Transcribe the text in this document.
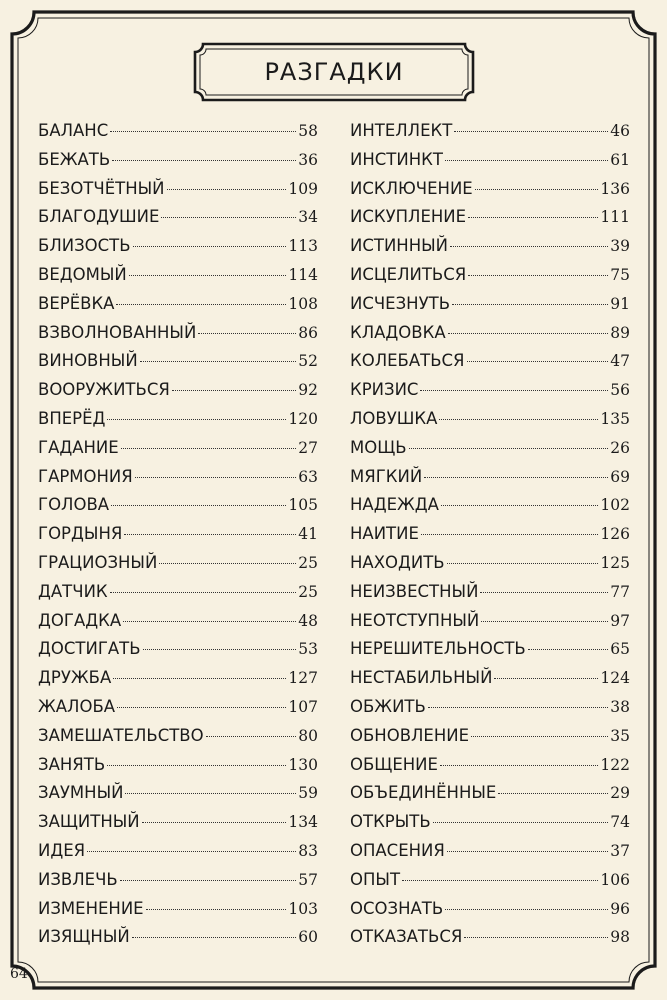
РАЗГАДКИ
БАЛАНС	58
БЕЖАТЬ	36
БЕЗОТЧЁТНЫЙ	109
БЛАГОДУШИЕ	34
БЛИЗОСТЬ	113
ВЕДОМЫЙ	114
ВЕРЁВКА	108
ВЗВОЛНОВАННЫЙ	86
ВИНОВНЫЙ	52
ВООРУЖИТЬСЯ	92
ВПЕРЁД	120
ГАДАНИЕ	27
ГАРМОНИЯ	63
ГОЛОВА	105
ГОРДЫНЯ	41
ГРАЦИОЗНЫЙ	25
ДАТЧИК	25
ДОГАДКА	48
ДОСТИГАТЬ	53
ДРУЖБА	127
ЖАЛОБА	107
ЗАМЕШАТЕЛЬСТВО	80
ЗАНЯТЬ	130
ЗАУМНЫЙ	59
ЗАЩИТНЫЙ	134
ИДЕЯ	83
ИЗВЛЕЧЬ	57
ИЗМЕНЕНИЕ	103
ИЗЯЩНЫЙ	60
ИНТЕЛЛЕКТ	46
ИНСТИНКТ	61
ИСКЛЮЧЕНИЕ	136
ИСКУПЛЕНИЕ	111
ИСТИННЫЙ	39
ИСЦЕЛИТЬСЯ	75
ИСЧЕЗНУТЬ	91
КЛАДОВКА	89
КОЛЕБАТЬСЯ	47
КРИЗИС	56
ЛОВУШКА	135
МОЩЬ	26
МЯГКИЙ	69
НАДЕЖДА	102
НАИТИЕ	126
НАХОДИТЬ	125
НЕИЗВЕСТНЫЙ	77
НЕОТСТУПНЫЙ	97
НЕРЕШИТЕЛЬНОСТЬ	65
НЕСТАБИЛЬНЫЙ	124
ОБЖИТЬ	38
ОБНОВЛЕНИЕ	35
ОБЩЕНИЕ	122
ОБЪЕДИНЁННЫЕ	29
ОТКРЫТЬ	74
ОПАСЕНИЯ	37
ОПЫТ	106
ОСОЗНАТЬ	96
ОТКАЗАТЬСЯ	98
64
